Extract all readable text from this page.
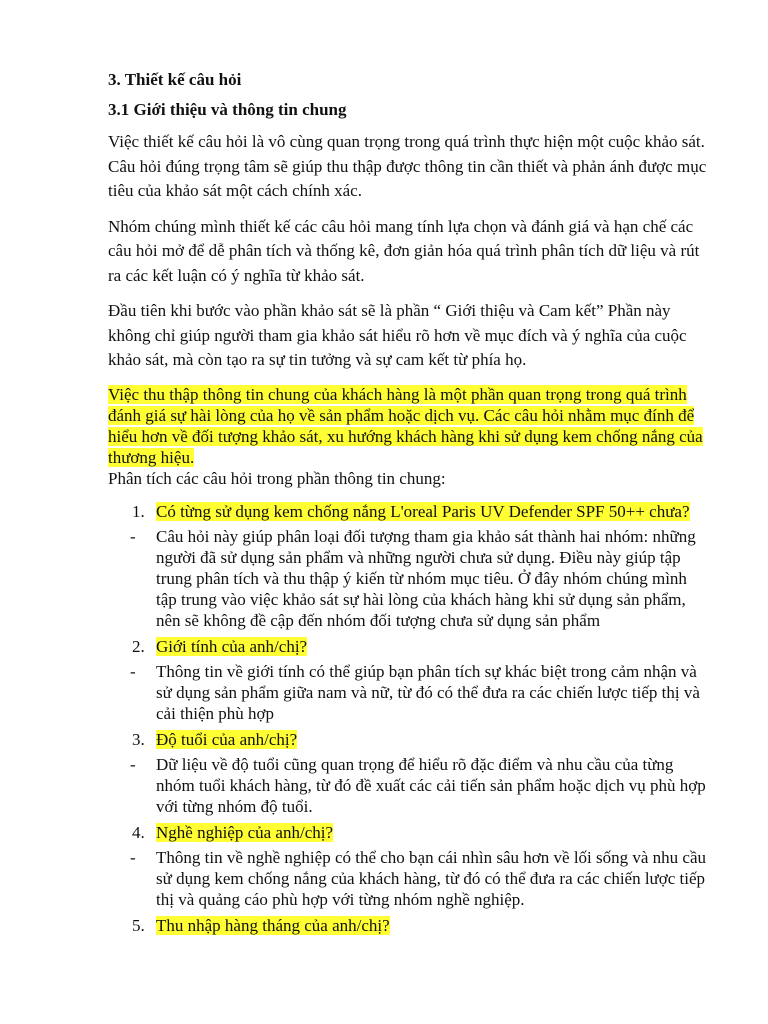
3. Thiết kế câu hỏi
3.1 Giới thiệu và thông tin chung

Việc thiết kế câu hỏi là vô cùng quan trọng trong quá trình thực hiện một cuộc khảo sát. Câu hỏi đúng trọng tâm sẽ giúp thu thập được thông tin cần thiết và phản ánh được mục tiêu của khảo sát một cách chính xác.

Nhóm chúng mình thiết kế các câu hỏi mang tính lựa chọn và đánh giá và hạn chế các câu hỏi mở để dễ phân tích và thống kê, đơn giản hóa quá trình phân tích dữ liệu và rút ra các kết luận có ý nghĩa từ khảo sát.

Đầu tiên khi bước vào phần khảo sát sẽ là phần “ Giới thiệu và Cam kết” Phần này không chỉ giúp người tham gia khảo sát hiểu rõ hơn về mục đích và ý nghĩa của cuộc khảo sát, mà còn tạo ra sự tin tưởng và sự cam kết từ phía họ.

Việc thu thập thông tin chung của khách hàng là một phần quan trọng trong quá trình đánh giá sự hài lòng của họ về sản phẩm hoặc dịch vụ. Các câu hỏi nhằm mục đính để hiểu hơn về đối tượng khảo sát, xu hướng khách hàng khi sử dụng kem chống nắng của thương hiệu.
Phân tích các câu hỏi trong phần thông tin chung:
1. Có từng sử dụng kem chống nắng L'oreal Paris UV Defender SPF 50++ chưa?
- Câu hỏi này giúp phân loại đối tượng tham gia khảo sát thành hai nhóm: những người đã sử dụng sản phẩm và những người chưa sử dụng. Điều này giúp tập trung phân tích và thu thập ý kiến từ nhóm mục tiêu. Ở đây nhóm chúng mình tập trung vào việc khảo sát sự hài lòng của khách hàng khi sử dụng sản phẩm, nên sẽ không đề cập đến nhóm đối tượng chưa sử dụng sản phẩm
2. Giới tính của anh/chị?
- Thông tin về giới tính có thể giúp bạn phân tích sự khác biệt trong cảm nhận và sử dụng sản phẩm giữa nam và nữ, từ đó có thể đưa ra các chiến lược tiếp thị và cải thiện phù hợp
3. Độ tuổi của anh/chị?
- Dữ liệu về độ tuổi cũng quan trọng để hiểu rõ đặc điểm và nhu cầu của từng nhóm tuổi khách hàng, từ đó đề xuất các cải tiến sản phẩm hoặc dịch vụ phù hợp với từng nhóm độ tuổi.
4. Nghề nghiệp của anh/chị?
- Thông tin về nghề nghiệp có thể cho bạn cái nhìn sâu hơn về lối sống và nhu cầu sử dụng kem chống nắng của khách hàng, từ đó có thể đưa ra các chiến lược tiếp thị và quảng cáo phù hợp với từng nhóm nghề nghiệp.
5. Thu nhập hàng tháng của anh/chị?
